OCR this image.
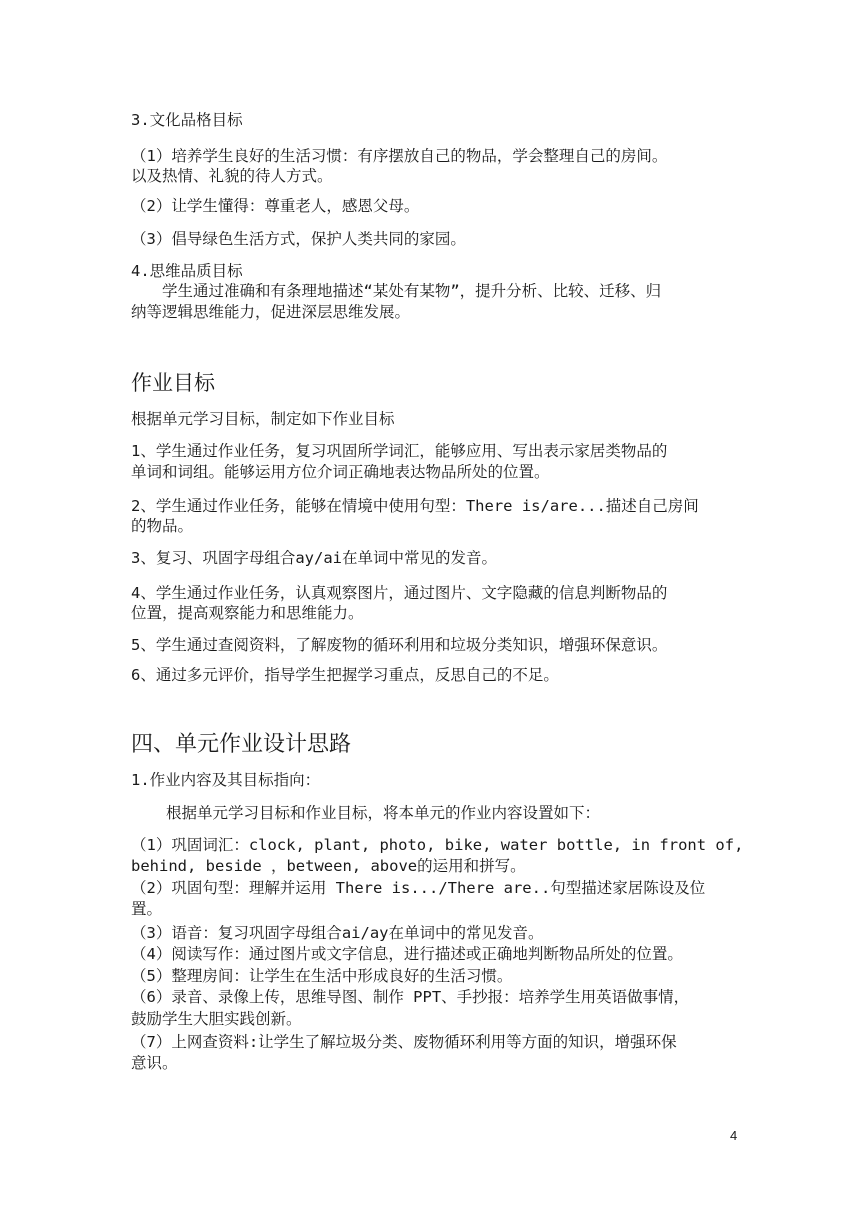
3.文化品格目标
（1）培养学生良好的生活习惯：有序摆放自己的物品，学会整理自己的房间。
以及热情、礼貌的待人方式。
（2）让学生懂得：尊重老人，感恩父母。
（3）倡导绿色生活方式，保护人类共同的家园。
4.思维品质目标
学生通过准确和有条理地描述“某处有某物”，提升分析、比较、迁移、归
纳等逻辑思维能力，促进深层思维发展。
作业目标
根据单元学习目标，制定如下作业目标
1、学生通过作业任务，复习巩固所学词汇，能够应用、写出表示家居类物品的
单词和词组。能够运用方位介词正确地表达物品所处的位置。
2、学生通过作业任务，能够在情境中使用句型：There is/are...描述自己房间
的物品。
3、复习、巩固字母组合ay/ai在单词中常见的发音。
4、学生通过作业任务，认真观察图片，通过图片、文字隐藏的信息判断物品的
位置，提高观察能力和思维能力。
5、学生通过查阅资料，了解废物的循环利用和垃圾分类知识，增强环保意识。
6、通过多元评价，指导学生把握学习重点，反思自己的不足。
四、单元作业设计思路
1.作业内容及其目标指向：
根据单元学习目标和作业目标，将本单元的作业内容设置如下：
（1）巩固词汇：clock, plant, photo, bike, water bottle, in front of,
behind, beside ，between, above的运用和拼写。
（2）巩固句型：理解并运用 There is.../There are..句型描述家居陈设及位
置。
（3）语音：复习巩固字母组合ai/ay在单词中的常见发音。
（4）阅读写作：通过图片或文字信息，进行描述或正确地判断物品所处的位置。
（5）整理房间：让学生在生活中形成良好的生活习惯。
（6）录音、录像上传，思维导图、制作 PPT、手抄报：培养学生用英语做事情，
鼓励学生大胆实践创新。
（7）上网查资料:让学生了解垃圾分类、废物循环利用等方面的知识，增强环保
意识。
4
